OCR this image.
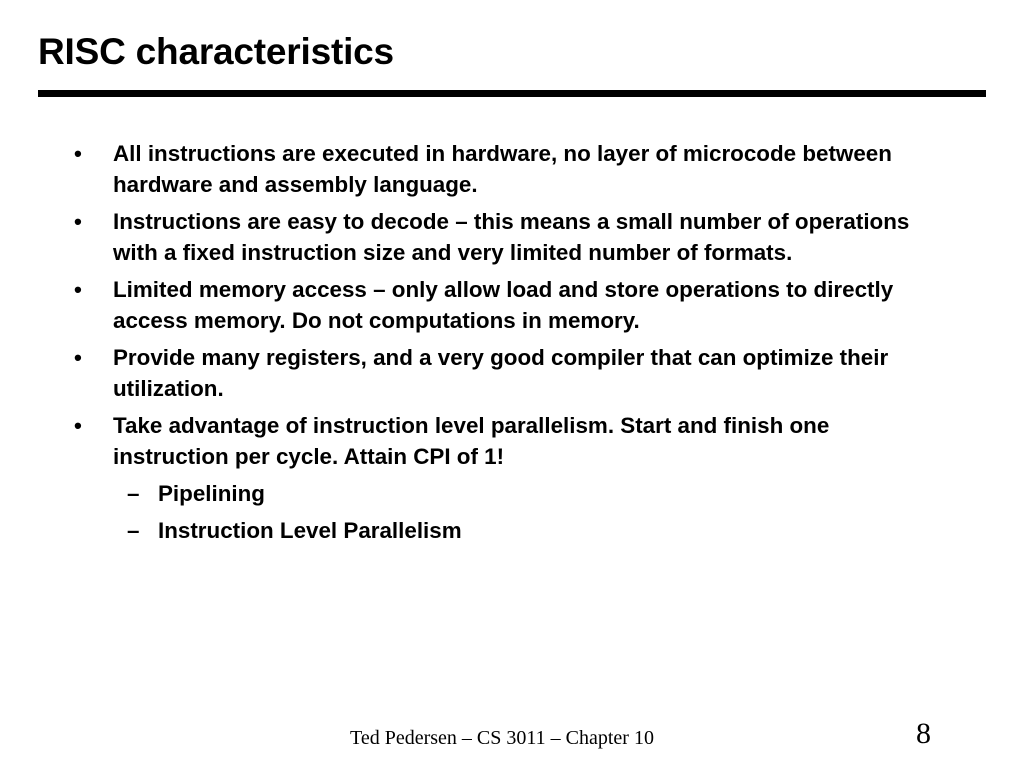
RISC characteristics
• All instructions are executed in hardware, no layer of microcode between hardware and assembly language.
• Instructions are easy to decode – this means a small number of operations with a fixed instruction size and very limited number of formats.
• Limited memory access – only allow load and store operations to directly access memory. Do not computations in memory.
• Provide many registers, and a very good compiler that can optimize their utilization.
• Take advantage of instruction level parallelism. Start and finish one instruction per cycle. Attain CPI of 1!
– Pipelining
– Instruction Level Parallelism
Ted Pedersen – CS 3011 – Chapter 10	8
